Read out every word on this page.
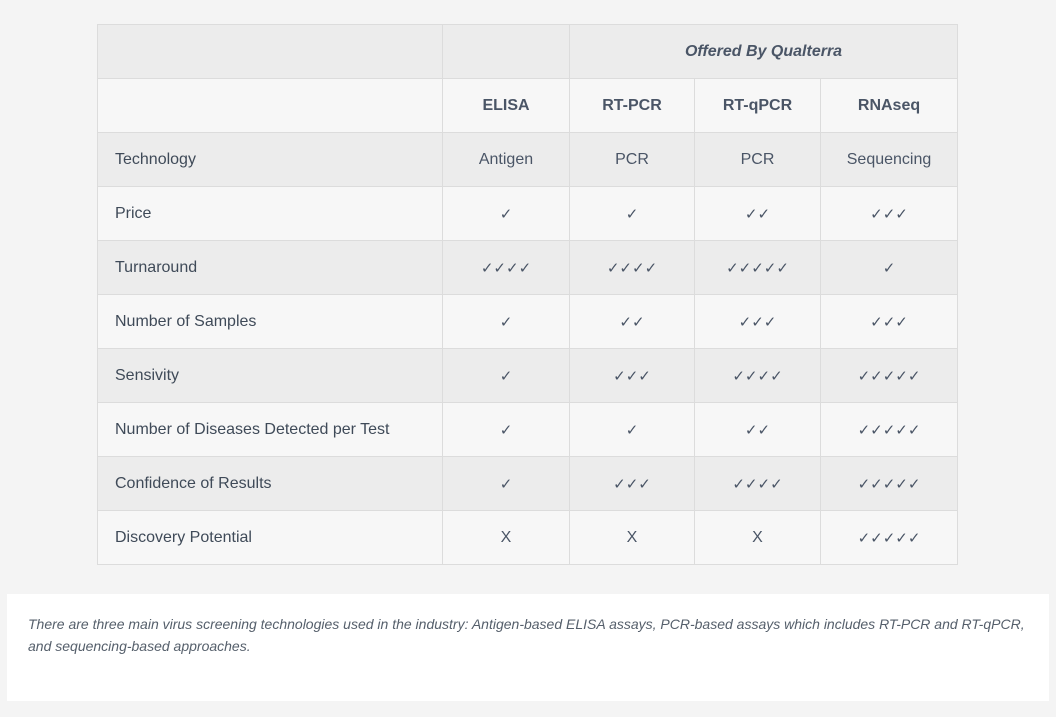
		Offered By Qualterra		
	ELISA	RT-PCR	RT-qPCR	RNAseq
Technology	Antigen	PCR	PCR	Sequencing
Price	✓	✓	✓✓	✓✓✓
Turnaround	✓✓✓✓	✓✓✓✓	✓✓✓✓✓	✓
Number of Samples	✓	✓✓	✓✓✓	✓✓✓
Sensivity	✓	✓✓✓	✓✓✓✓	✓✓✓✓✓
Number of Diseases Detected per Test	✓	✓	✓✓	✓✓✓✓✓
Confidence of Results	✓	✓✓✓	✓✓✓✓	✓✓✓✓✓
Discovery Potential	X	X	X	✓✓✓✓✓

There are three main virus screening technologies used in the industry: Antigen-based ELISA assays, PCR-based assays which includes RT-PCR and RT-qPCR, and sequencing-based approaches.
